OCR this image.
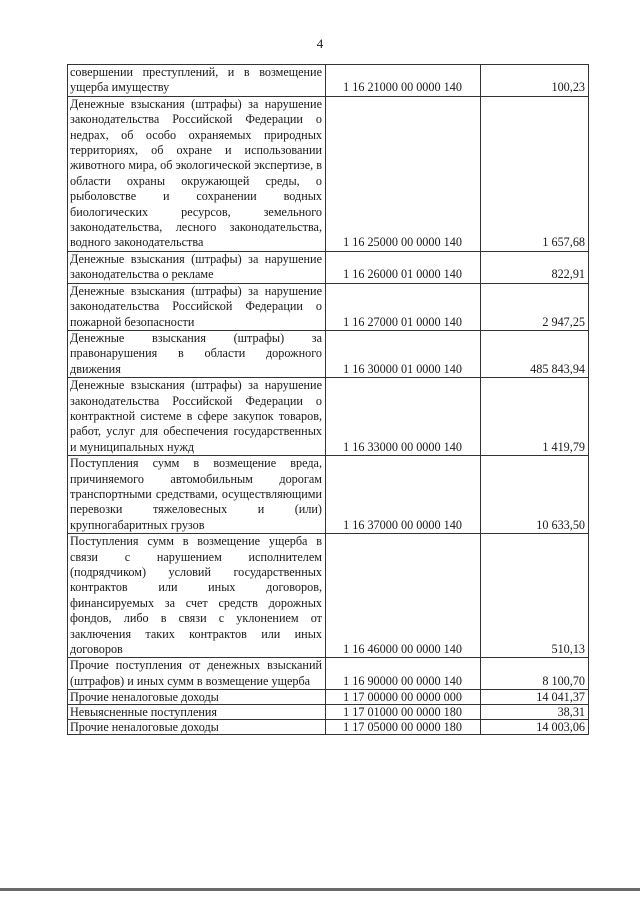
4
совершении преступлений, и в возмещение ущерба имуществу	1 16 21000 00 0000 140	100,23
Денежные взыскания (штрафы) за нарушение законодательства Российской Федерации о недрах, об особо охраняемых природных территориях, об охране и использовании животного мира, об экологической экспертизе, в области охраны окружающей среды, о рыболовстве и сохранении водных биологических ресурсов, земельного законодательства, лесного законодательства, водного законодательства	1 16 25000 00 0000 140	1 657,68
Денежные взыскания (штрафы) за нарушение законодательства о рекламе	1 16 26000 01 0000 140	822,91
Денежные взыскания (штрафы) за нарушение законодательства Российской Федерации о пожарной безопасности	1 16 27000 01 0000 140	2 947,25
Денежные взыскания (штрафы) за правонарушения в области дорожного движения	1 16 30000 01 0000 140	485 843,94
Денежные взыскания (штрафы) за нарушение законодательства Российской Федерации о контрактной системе в сфере закупок товаров, работ, услуг для обеспечения государственных и муниципальных нужд	1 16 33000 00 0000 140	1 419,79
Поступления сумм в возмещение вреда, причиняемого автомобильным дорогам транспортными средствами, осуществляющими перевозки тяжеловесных и (или) крупногабаритных грузов	1 16 37000 00 0000 140	10 633,50
Поступления сумм в возмещение ущерба в связи с нарушением исполнителем (подрядчиком) условий государственных контрактов или иных договоров, финансируемых за счет средств дорожных фондов, либо в связи с уклонением от заключения таких контрактов или иных договоров	1 16 46000 00 0000 140	510,13
Прочие поступления от денежных взысканий (штрафов) и иных сумм в возмещение ущерба	1 16 90000 00 0000 140	8 100,70
Прочие неналоговые доходы	1 17 00000 00 0000 000	14 041,37
Невыясненные поступления	1 17 01000 00 0000 180	38,31
Прочие неналоговые доходы	1 17 05000 00 0000 180	14 003,06
